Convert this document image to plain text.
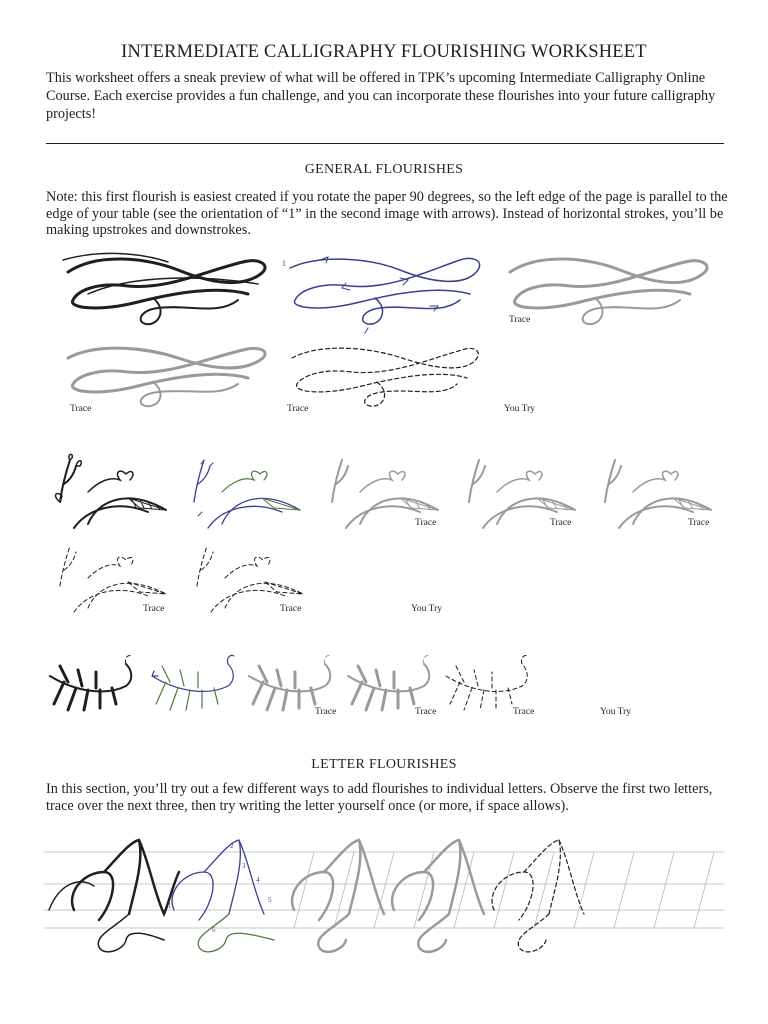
INTERMEDIATE CALLIGRAPHY FLOURISHING WORKSHEET
This worksheet offers a sneak preview of what will be offered in TPK’s upcoming Intermediate Calligraphy Online Course. Each exercise provides a fun challenge, and you can incorporate these flourishes into your future calligraphy projects!
GENERAL FLOURISHES
Note: this first flourish is easiest created if you rotate the paper 90 degrees, so the left edge of the page is parallel to the edge of your table (see the orientation of “1” in the second image with arrows). Instead of horizontal strokes, you’ll be making upstrokes and downstrokes.
1
Trace
Trace	Trace	You Try
Trace	Trace	Trace
Trace	Trace	You Try
Trace	Trace	Trace	You Try
LETTER FLOURISHES
In this section, you’ll try out a few different ways to add flourishes to individual letters. Observe the first two letters, trace over the next three, then try writing the letter yourself once (or more, if space allows).
1
2
3
4
5
6
